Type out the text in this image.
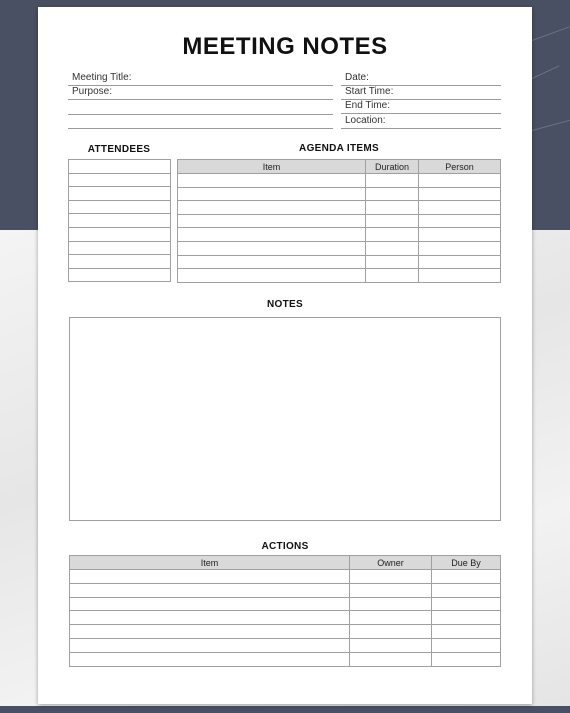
MEETING NOTES
Meeting Title:
Purpose:
Date:
Start Time:
End Time:
Location:
ATTENDEES	AGENDA ITEMS
Item	Duration	Person

NOTES
ACTIONS
Item	Owner	Due By
